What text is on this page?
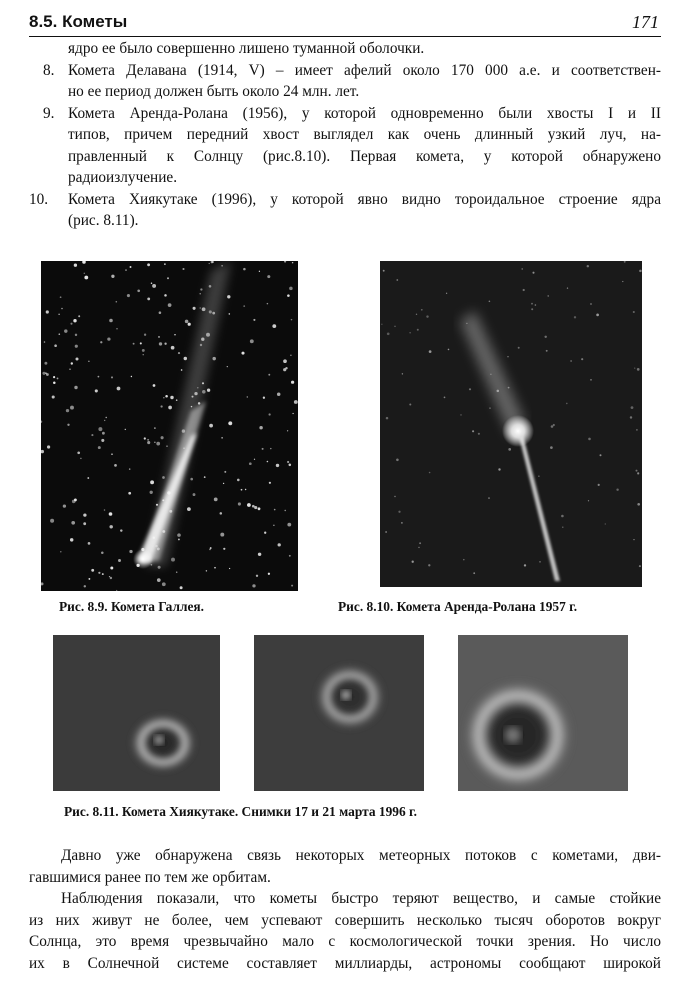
8.5. Кометы	171
ядро ее было совершенно лишено туманной оболочки.
8. Комета Делавана (1914, V) – имеет афелий около 170 000 а.е. и соответствен-
но ее период должен быть около 24 млн. лет.
9. Комета Аренда-Ролана (1956), у которой одновременно были хвосты I и II
типов, причем передний хвост выглядел как очень длинный узкий луч, на-
правленный к Солнцу (рис.8.10). Первая комета, у которой обнаружено
радиоизлучение.
10. Комета Хиякутаке (1996), у которой явно видно тороидальное строение ядра
(рис. 8.11).
Рис. 8.9. Комета Галлея.	Рис. 8.10. Комета Аренда-Ролана 1957 г.
Рис. 8.11. Комета Хиякутаке. Снимки 17 и 21 марта 1996 г.
Давно уже обнаружена связь некоторых метеорных потоков с кометами, дви-
гавшимися ранее по тем же орбитам.
Наблюдения показали, что кометы быстро теряют вещество, и самые стойкие
из них живут не более, чем успевают совершить несколько тысяч оборотов вокруг
Солнца, это время чрезвычайно мало с космологической точки зрения. Но число
их в Солнечной системе составляет миллиарды, астрономы сообщают широкой
